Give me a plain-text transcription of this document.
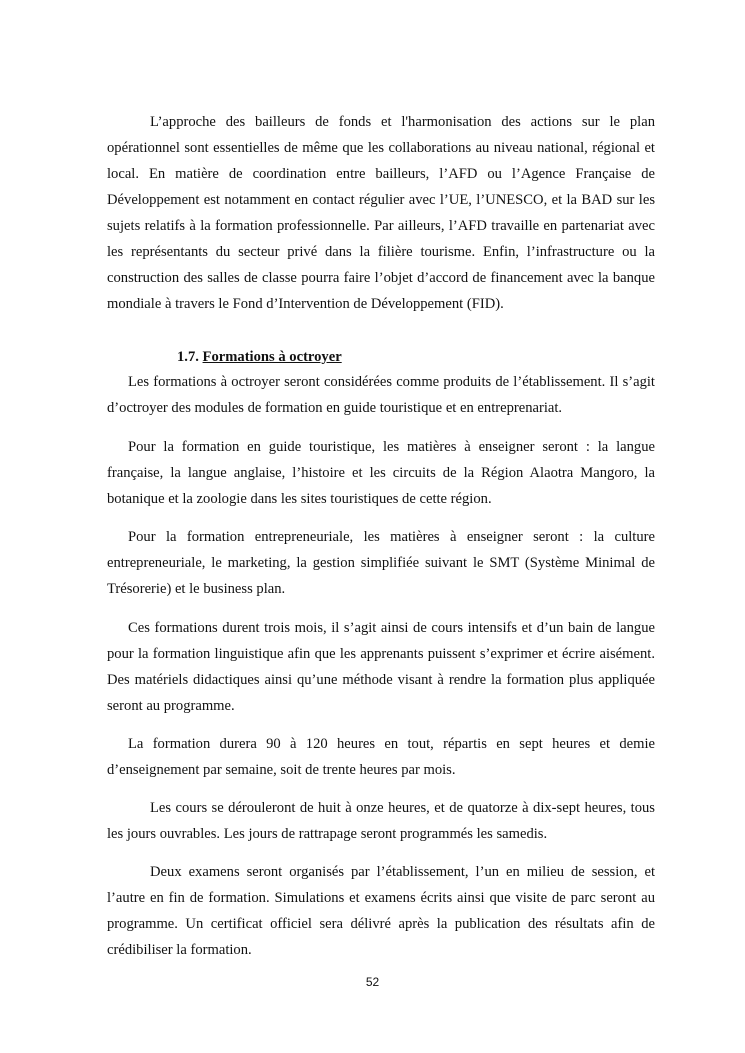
L’approche des bailleurs de fonds et l'harmonisation des actions sur le plan opérationnel sont essentielles de même que les collaborations au niveau national, régional et local. En matière de coordination entre bailleurs, l’AFD ou l’Agence Française de Développement est notamment en contact régulier avec l’UE, l’UNESCO, et la BAD sur les sujets relatifs à la formation professionnelle. Par ailleurs, l’AFD travaille en partenariat avec les représentants du secteur privé dans la filière tourisme. Enfin, l’infrastructure ou la construction des salles de classe pourra faire l’objet d’accord de financement avec la banque mondiale à travers le Fond d’Intervention de Développement (FID).

1.7. Formations à octroyer

Les formations à octroyer seront considérées comme produits de l’établissement. Il s’agit d’octroyer des modules de formation en guide touristique et en entreprenariat.

Pour la formation en guide touristique, les matières à enseigner seront : la langue française, la langue anglaise, l’histoire et les circuits de la Région Alaotra Mangoro, la botanique et la zoologie dans les sites touristiques de cette région.

Pour la formation entrepreneuriale, les matières à enseigner seront : la culture entrepreneuriale, le marketing, la gestion simplifiée suivant le SMT (Système Minimal de Trésorerie) et le business plan.

Ces formations durent trois mois, il s’agit ainsi de cours intensifs et d’un bain de langue pour la formation linguistique afin que les apprenants puissent s’exprimer et écrire aisément. Des matériels didactiques ainsi qu’une méthode visant à rendre la formation plus appliquée seront au programme.

La formation durera 90 à 120 heures en tout, répartis en sept heures et demie d’enseignement par semaine, soit de trente heures par mois.

Les cours se dérouleront de huit à onze heures, et de quatorze à dix-sept heures, tous les jours ouvrables. Les jours de rattrapage seront programmés les samedis.

Deux examens seront organisés par l’établissement, l’un en milieu de session, et l’autre en fin de formation. Simulations et examens écrits ainsi que visite de parc seront au programme. Un certificat officiel sera délivré après la publication des résultats afin de crédibiliser la formation.

52
